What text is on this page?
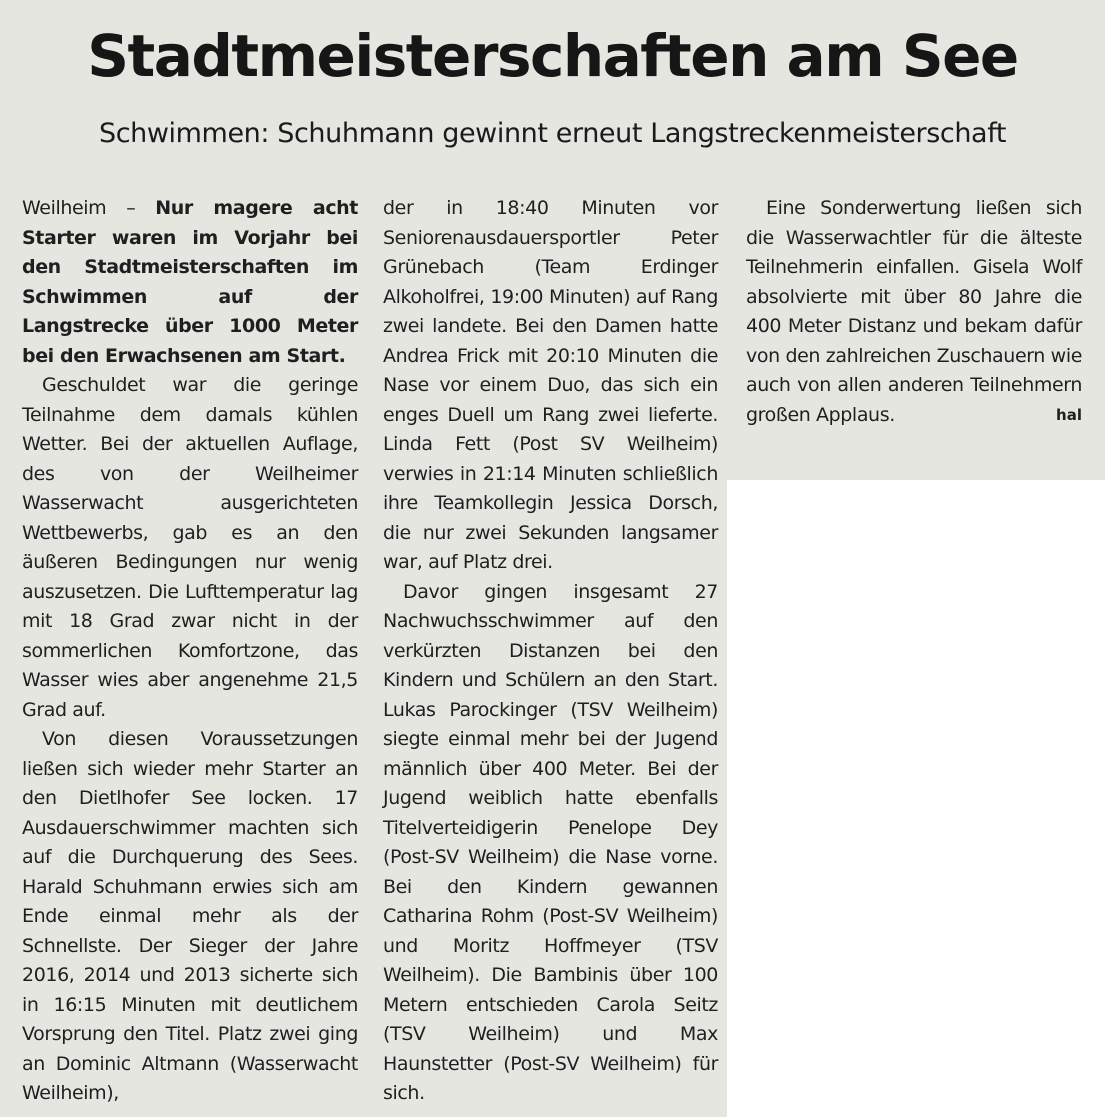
Stadtmeisterschaften am See
Schwimmen: Schuhmann gewinnt erneut Langstreckenmeisterschaft

Weilheim – Nur magere acht Starter waren im Vorjahr bei den Stadtmeisterschaften im Schwimmen auf der Langstrecke über 1000 Meter bei den Erwachsenen am Start.

Geschuldet war die geringe Teilnahme dem damals kühlen Wetter. Bei der aktuellen Auflage, des von der Weilheimer Wasserwacht ausgerichteten Wettbewerbs, gab es an den äußeren Bedingungen nur wenig auszusetzen. Die Lufttemperatur lag mit 18 Grad zwar nicht in der sommerlichen Komfortzone, das Wasser wies aber angenehme 21,5 Grad auf.

Von diesen Voraussetzungen ließen sich wieder mehr Starter an den Dietlhofer See locken. 17 Ausdauerschwimmer machten sich auf die Durchquerung des Sees. Harald Schuhmann erwies sich am Ende einmal mehr als der Schnellste. Der Sieger der Jahre 2016, 2014 und 2013 sicherte sich in 16:15 Minuten mit deutlichem Vorsprung den Titel. Platz zwei ging an Dominic Altmann (Wasserwacht Weilheim),

der in 18:40 Minuten vor Seniorenausdauersportler Peter Grünebach (Team Erdinger Alkoholfrei, 19:00 Minuten) auf Rang zwei landete. Bei den Damen hatte Andrea Frick mit 20:10 Minuten die Nase vor einem Duo, das sich ein enges Duell um Rang zwei lieferte. Linda Fett (Post SV Weilheim) verwies in 21:14 Minuten schließlich ihre Teamkollegin Jessica Dorsch, die nur zwei Sekunden langsamer war, auf Platz drei.

Davor gingen insgesamt 27 Nachwuchsschwimmer auf den verkürzten Distanzen bei den Kindern und Schülern an den Start. Lukas Parockinger (TSV Weilheim) siegte einmal mehr bei der Jugend männlich über 400 Meter. Bei der Jugend weiblich hatte ebenfalls Titelverteidigerin Penelope Dey (Post-SV Weilheim) die Nase vorne. Bei den Kindern gewannen Catharina Rohm (Post-SV Weilheim) und Moritz Hoffmeyer (TSV Weilheim). Die Bambinis über 100 Metern entschieden Carola Seitz (TSV Weilheim) und Max Haunstetter (Post-SV Weilheim) für sich.

Eine Sonderwertung ließen sich die Wasserwachtler für die älteste Teilnehmerin einfallen. Gisela Wolf absolvierte mit über 80 Jahre die 400 Meter Distanz und bekam dafür von den zahlreichen Zuschauern wie auch von allen anderen Teilnehmern großen Applaus.	hal
